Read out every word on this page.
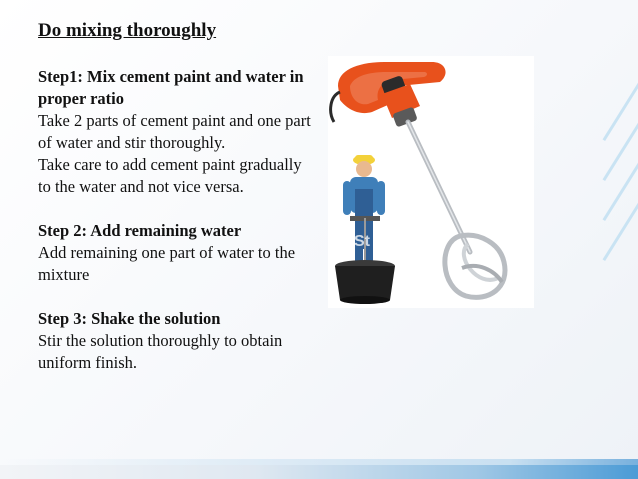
Do mixing thoroughly
Step1: Mix cement paint and water in proper ratio
Take 2 parts of cement paint and one part of water and stir thoroughly.
Take care to add cement paint gradually to the water and not vice versa.
Step 2: Add remaining water
Add remaining one part of water to the mixture
Step 3: Shake the solution
Stir the solution thoroughly to obtain uniform finish.
St
